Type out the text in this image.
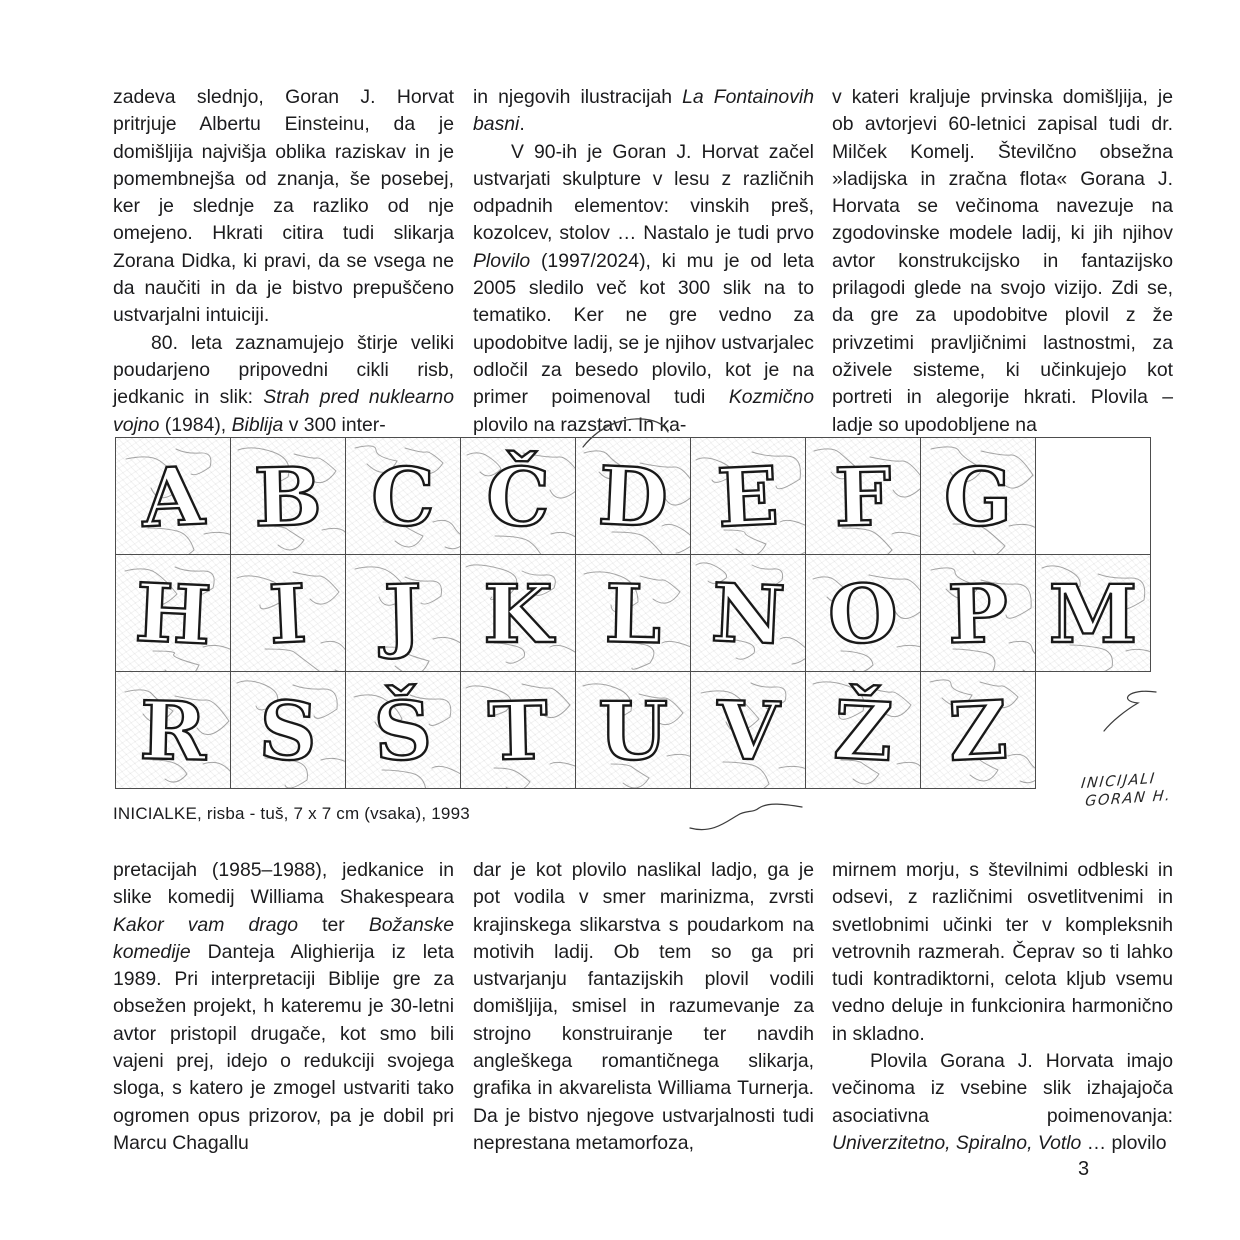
zadeva slednjo, Goran J. Horvat pritrjuje Albertu Einsteinu, da je domišljija najvišja oblika raziskav in je pomembnejša od znanja, še posebej, ker je slednje za razliko od nje omejeno. Hkrati citira tudi slikarja Zorana Didka, ki pravi, da se vsega ne da naučiti in da je bistvo prepuščeno ustvarjalni intuiciji.

80. leta zaznamujejo štirje veliki poudarjeno pripovedni cikli risb, jedkanic in slik: Strah pred nuklearno vojno (1984), Biblija v 300 inter-

in njegovih ilustracijah La Fontainovih basni.

V 90-ih je Goran J. Horvat začel ustvarjati skulpture v lesu z različnih odpadnih elementov: vinskih preš, kozolcev, stolov … Nastalo je tudi prvo Plovilo (1997/2024), ki mu je od leta 2005 sledilo več kot 300 slik na to tematiko. Ker ne gre vedno za upodobitve ladij, se je njihov ustvarjalec odločil za besedo plovilo, kot je na primer poimenoval tudi Kozmično plovilo na razstavi. In ka-

v kateri kraljuje prvinska domišljija, je ob avtorjevi 60-letnici zapisal tudi dr. Milček Komelj. Številčno obsežna »ladijska in zračna flota« Gorana J. Horvata se večinoma navezuje na zgodovinske modele ladij, ki jih njihov avtor konstrukcijsko in fantazijsko prilagodi glede na svojo vizijo. Zdi se, da gre za upodobitve plovil z že privzetimi pravljičnimi lastnostmi, za oživele sisteme, ki učinkujejo kot portreti in alegorije hkrati. Plovila – ladje so upodobljene na

A B C Č D E F G
H I J K L N O P M
R S Š T U V Ž Z
INICIJALI
GORAN H.
INICIALKE, risba - tuš, 7 x 7 cm (vsaka), 1993

pretacijah (1985–1988), jedkanice in slike komedij Williama Shakespeara Kakor vam drago ter Božanske komedije Danteja Alighierija iz leta 1989. Pri interpretaciji Biblije gre za obsežen projekt, h kateremu je 30-letni avtor pristopil drugače, kot smo bili vajeni prej, idejo o redukciji svojega sloga, s katero je zmogel ustvariti tako ogromen opus prizorov, pa je dobil pri Marcu Chagallu

dar je kot plovilo naslikal ladjo, ga je pot vodila v smer marinizma, zvrsti krajinskega slikarstva s poudarkom na motivih ladij. Ob tem so ga pri ustvarjanju fantazijskih plovil vodili domišljija, smisel in razumevanje za strojno konstruiranje ter navdih angleškega romantičnega slikarja, grafika in akvarelista Williama Turnerja. Da je bistvo njegove ustvarjalnosti tudi neprestana metamorfoza,

mirnem morju, s številnimi odbleski in odsevi, z različnimi osvetlitvenimi in svetlobnimi učinki ter v kompleksnih vetrovnih razmerah. Čeprav so ti lahko tudi kontradiktorni, celota kljub vsemu vedno deluje in funkcionira harmonično in skladno.

Plovila Gorana J. Horvata imajo večinoma iz vsebine slik izhajajoča asociativna poimenovanja: Univerzitetno, Spiralno, Votlo … plovilo

3
